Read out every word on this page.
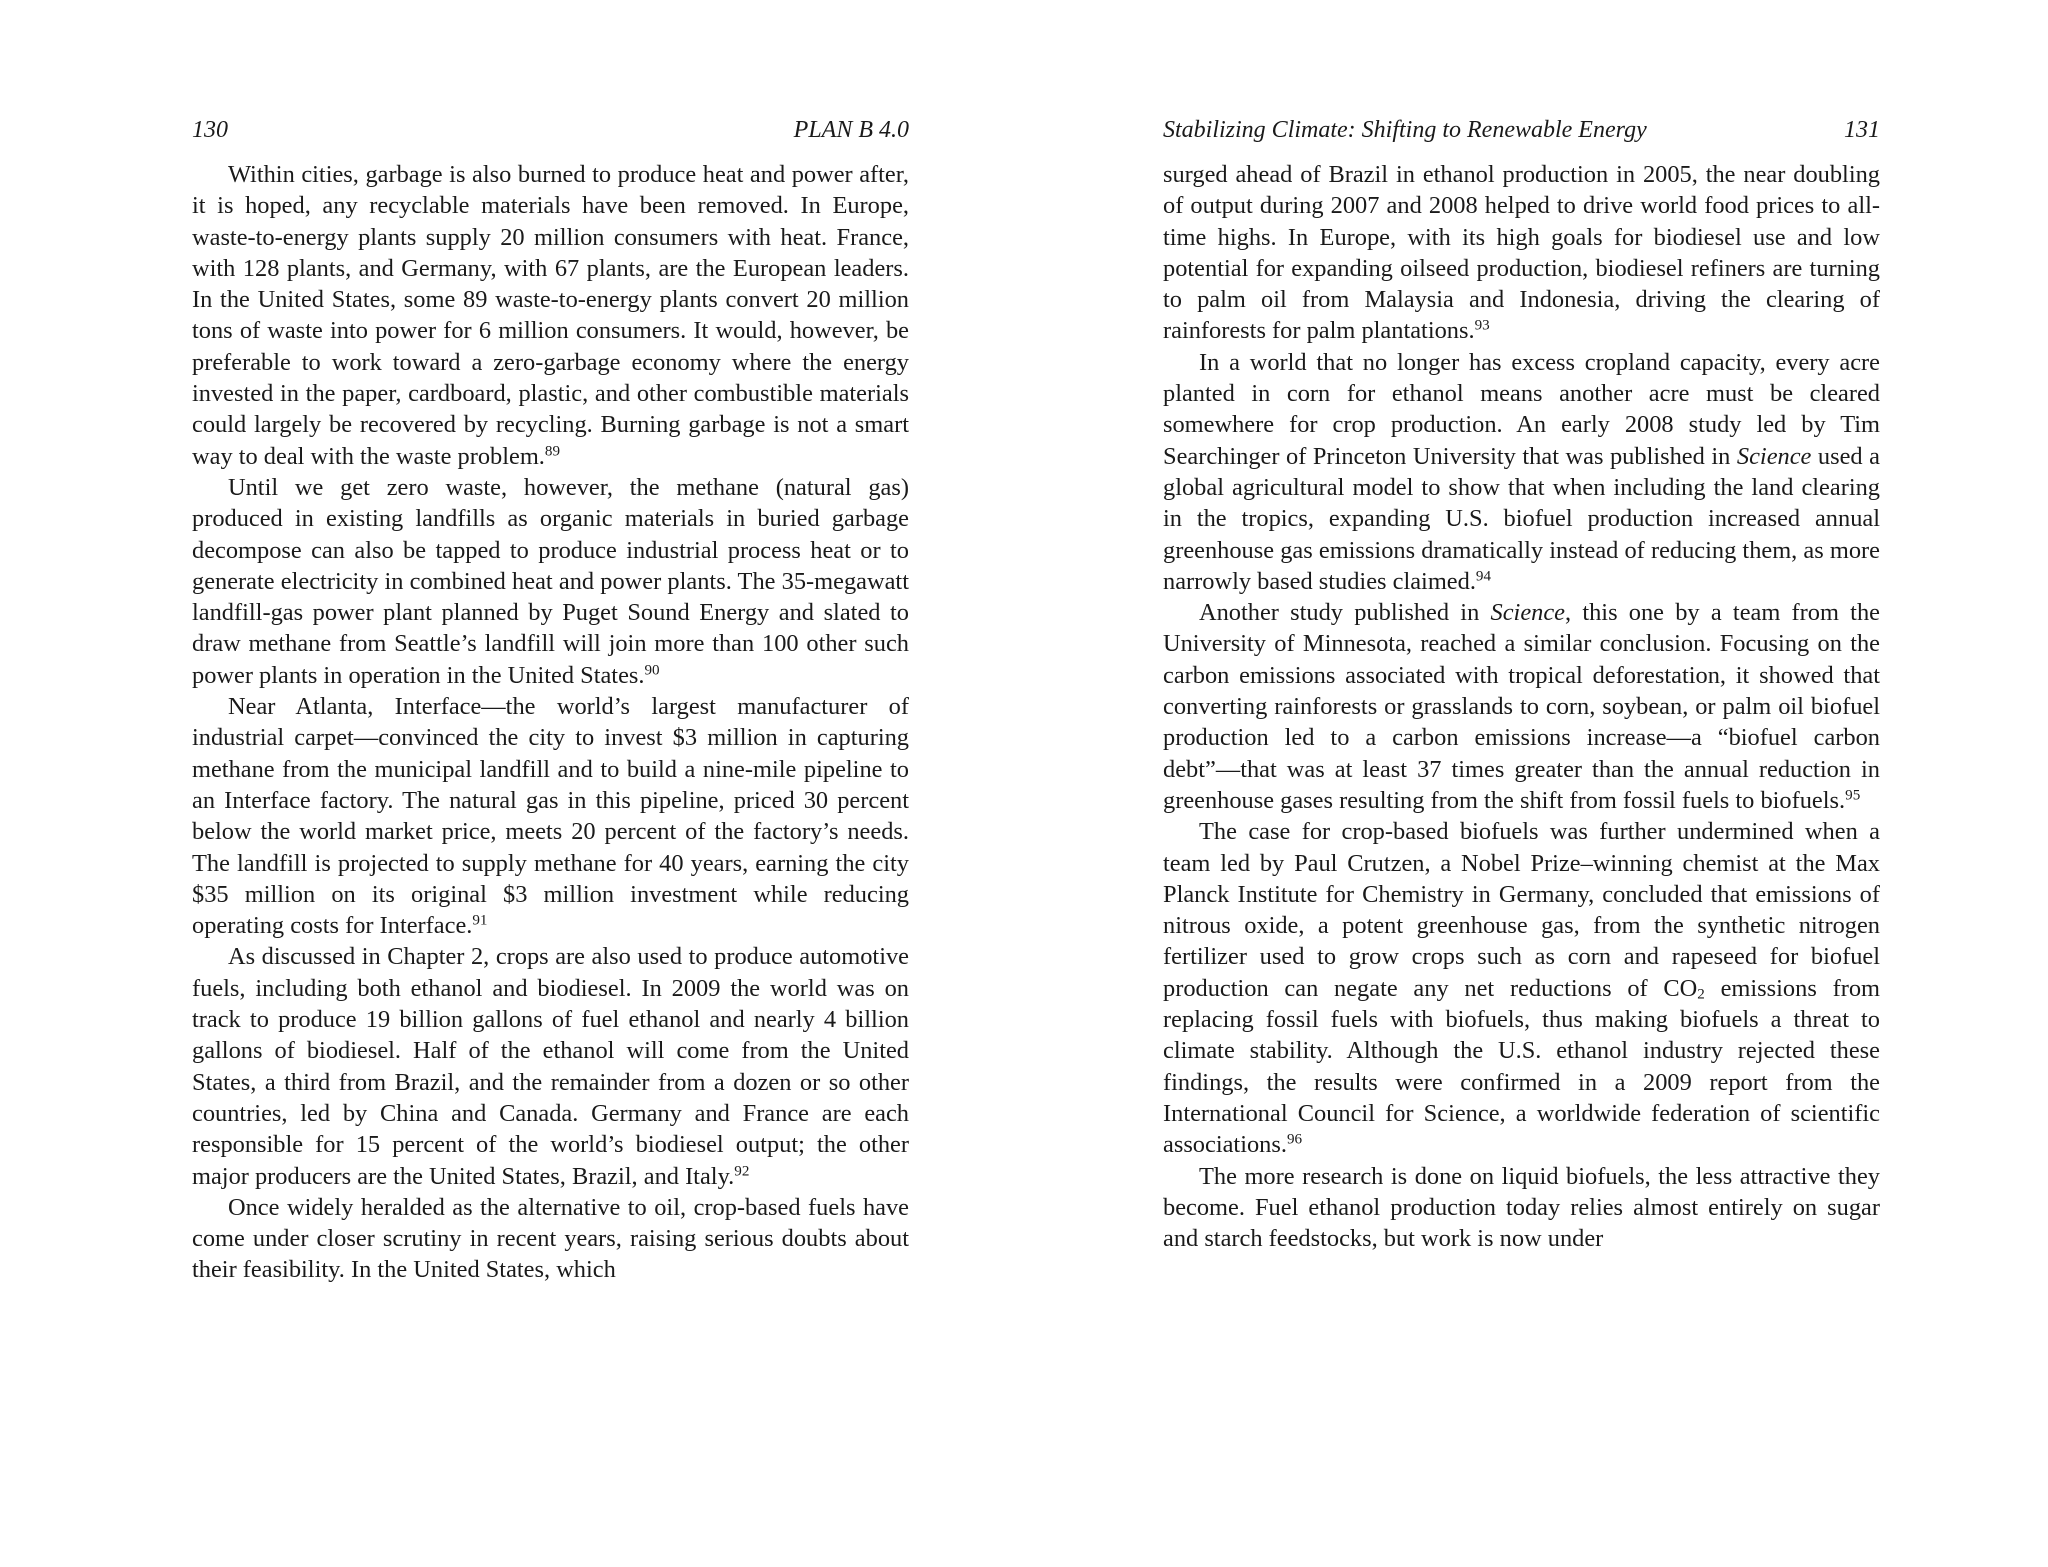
130	PLAN B 4.0

Within cities, garbage is also burned to produce heat and power after, it is hoped, any recyclable materials have been removed. In Europe, waste-to-energy plants supply 20 million consumers with heat. France, with 128 plants, and Germany, with 67 plants, are the European leaders. In the United States, some 89 waste-to-energy plants convert 20 million tons of waste into power for 6 million consumers. It would, however, be preferable to work toward a zero-garbage economy where the energy invested in the paper, cardboard, plastic, and other combustible materials could largely be recovered by recycling. Burning garbage is not a smart way to deal with the waste problem.$^{89}$

Until we get zero waste, however, the methane (natural gas) produced in existing landfills as organic materials in buried garbage decompose can also be tapped to produce industrial process heat or to generate electricity in combined heat and power plants. The 35-megawatt landfill-gas power plant planned by Puget Sound Energy and slated to draw methane from Seattle’s landfill will join more than 100 other such power plants in operation in the United States.$^{90}$

Near Atlanta, Interface—the world’s largest manufacturer of industrial carpet—convinced the city to invest $3 million in capturing methane from the municipal landfill and to build a nine-mile pipeline to an Interface factory. The natural gas in this pipeline, priced 30 percent below the world market price, meets 20 percent of the factory’s needs. The landfill is projected to supply methane for 40 years, earning the city $35 million on its original $3 million investment while reducing operating costs for Interface.$^{91}$

As discussed in Chapter 2, crops are also used to produce automotive fuels, including both ethanol and biodiesel. In 2009 the world was on track to produce 19 billion gallons of fuel ethanol and nearly 4 billion gallons of biodiesel. Half of the ethanol will come from the United States, a third from Brazil, and the remainder from a dozen or so other countries, led by China and Canada. Germany and France are each responsible for 15 percent of the world’s biodiesel output; the other major producers are the United States, Brazil, and Italy.$^{92}$

Once widely heralded as the alternative to oil, crop-based fuels have come under closer scrutiny in recent years, raising serious doubts about their feasibility. In the United States, which

Stabilizing Climate: Shifting to Renewable Energy	131

surged ahead of Brazil in ethanol production in 2005, the near doubling of output during 2007 and 2008 helped to drive world food prices to all-time highs. In Europe, with its high goals for biodiesel use and low potential for expanding oilseed production, biodiesel refiners are turning to palm oil from Malaysia and Indonesia, driving the clearing of rainforests for palm plantations.$^{93}$

In a world that no longer has excess cropland capacity, every acre planted in corn for ethanol means another acre must be cleared somewhere for crop production. An early 2008 study led by Tim Searchinger of Princeton University that was published in Science used a global agricultural model to show that when including the land clearing in the tropics, expanding U.S. biofuel production increased annual greenhouse gas emissions dramatically instead of reducing them, as more narrowly based studies claimed.$^{94}$

Another study published in Science, this one by a team from the University of Minnesota, reached a similar conclusion. Focusing on the carbon emissions associated with tropical deforestation, it showed that converting rainforests or grasslands to corn, soybean, or palm oil biofuel production led to a carbon emissions increase—a “biofuel carbon debt”—that was at least 37 times greater than the annual reduction in greenhouse gases resulting from the shift from fossil fuels to biofuels.$^{95}$

The case for crop-based biofuels was further undermined when a team led by Paul Crutzen, a Nobel Prize–winning chemist at the Max Planck Institute for Chemistry in Germany, concluded that emissions of nitrous oxide, a potent greenhouse gas, from the synthetic nitrogen fertilizer used to grow crops such as corn and rapeseed for biofuel production can negate any net reductions of $CO_2$ emissions from replacing fossil fuels with biofuels, thus making biofuels a threat to climate stability. Although the U.S. ethanol industry rejected these findings, the results were confirmed in a 2009 report from the International Council for Science, a worldwide federation of scientific associations.$^{96}$

The more research is done on liquid biofuels, the less attractive they become. Fuel ethanol production today relies almost entirely on sugar and starch feedstocks, but work is now under
